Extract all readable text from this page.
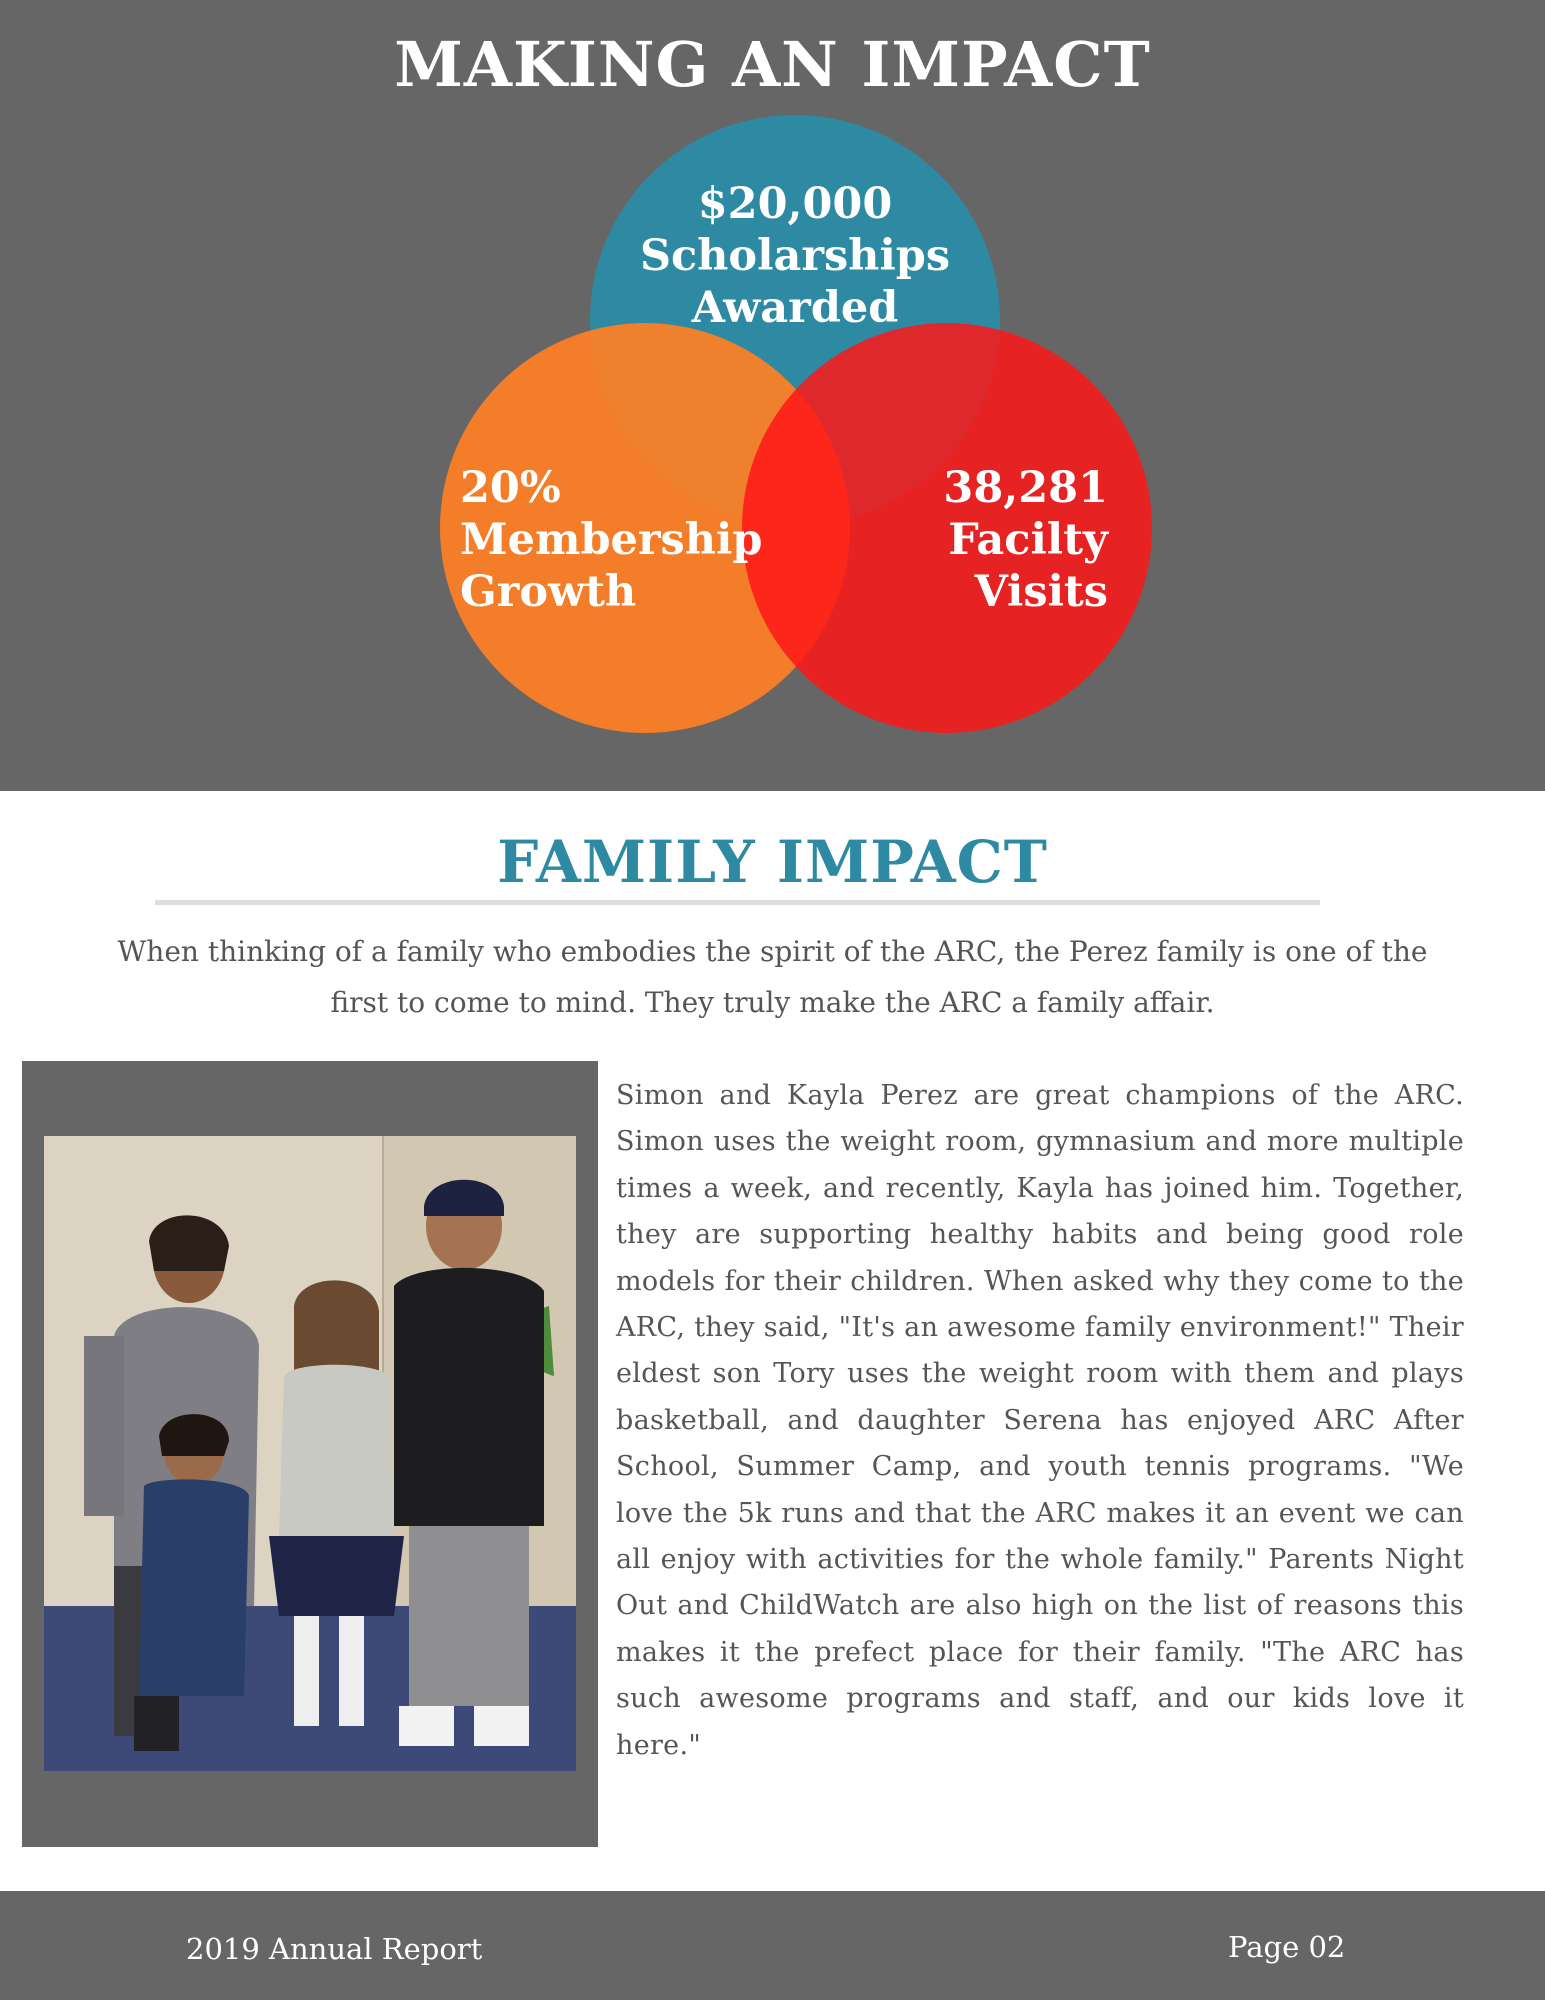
MAKING AN IMPACT
$20,000
Scholarships
Awarded
20%
Membership
Growth
38,281
Facilty
Visits
FAMILY IMPACT

When thinking of a family who embodies the spirit of the ARC, the Perez family is one of the first to come to mind. They truly make the ARC a family affair.

Simon and Kayla Perez are great champions of the ARC. Simon uses the weight room, gymnasium and more multiple times a week, and recently, Kayla has joined him. Together, they are supporting healthy habits and being good role models for their children. When asked why they come to the ARC, they said, "It's an awesome family environment!" Their eldest son Tory uses the weight room with them and plays basketball, and daughter Serena has enjoyed ARC After School, Summer Camp, and youth tennis programs. "We love the 5k runs and that the ARC makes it an event we can all enjoy with activities for the whole family." Parents Night Out and ChildWatch are also high on the list of reasons this makes it the prefect place for their family. "The ARC has such awesome programs and staff, and our kids love it here."

2019 Annual Report	Page 02
